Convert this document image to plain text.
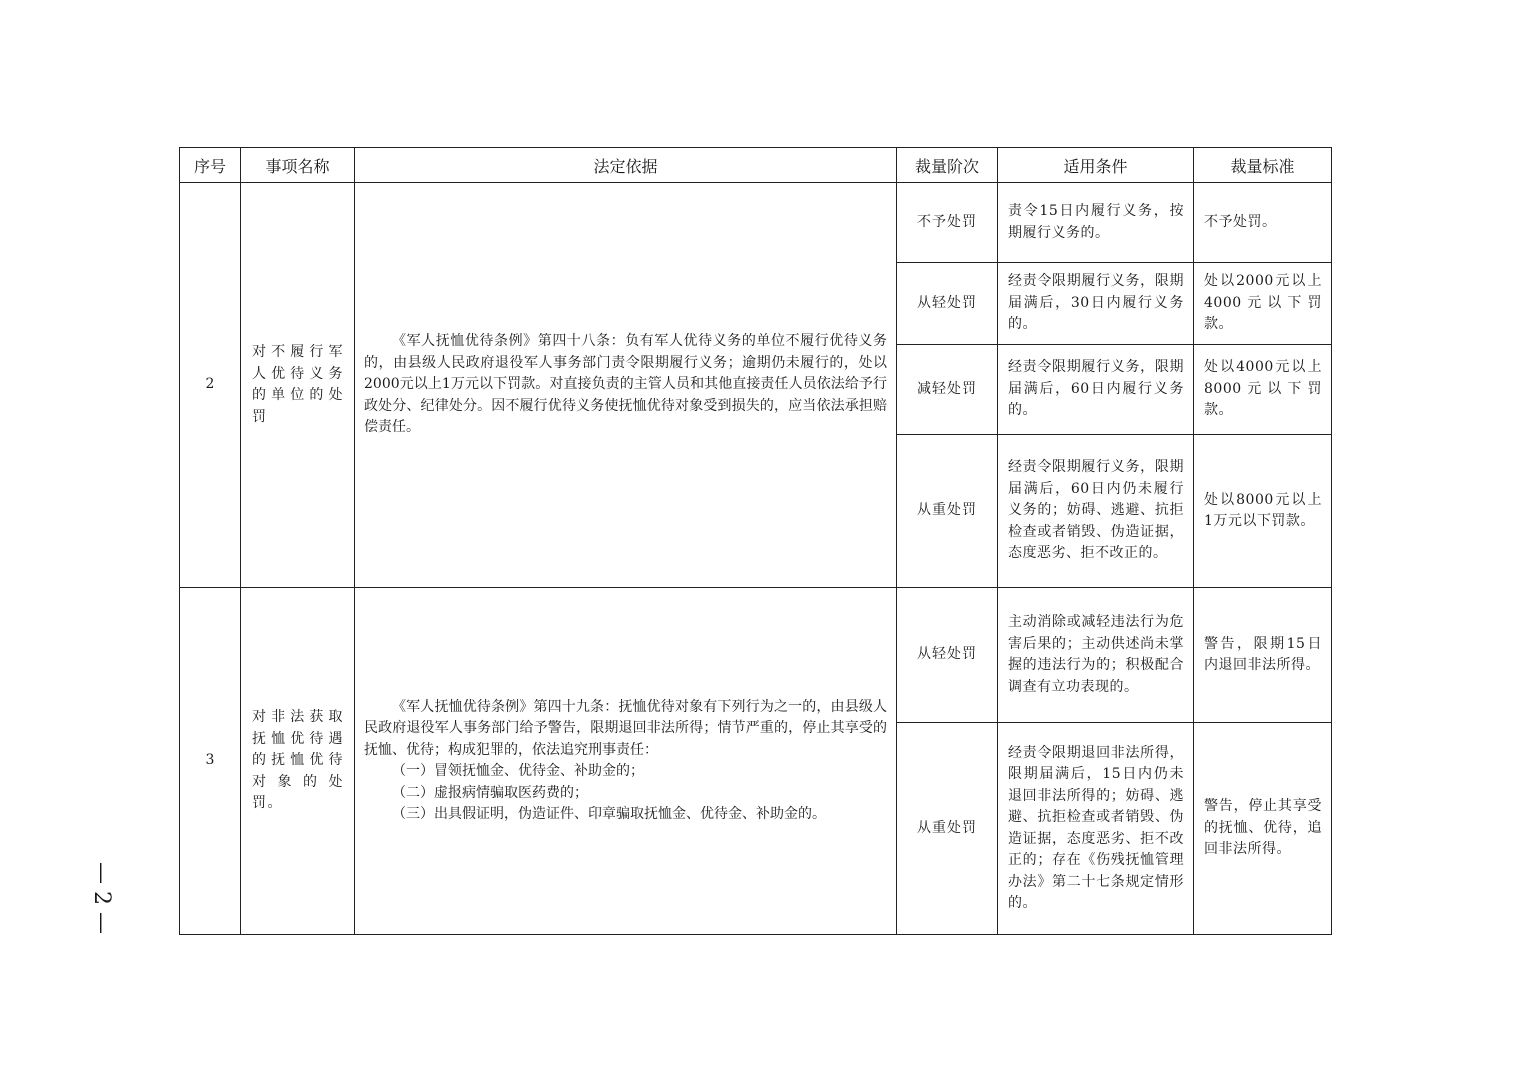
序号	事项名称	法定依据	裁量阶次	适用条件	裁量标准
2	对不履行军人优待义务的单位的处罚	《军人抚恤优待条例》第四十八条：负有军人优待义务的单位不履行优待义务的，由县级人民政府退役军人事务部门责令限期履行义务；逾期仍未履行的，处以2000元以上1万元以下罚款。对直接负责的主管人员和其他直接责任人员依法给予行政处分、纪律处分。因不履行优待义务使抚恤优待对象受到损失的，应当依法承担赔偿责任。	不予处罚	责令15日内履行义务，按期履行义务的。	不予处罚。
			从轻处罚	经责令限期履行义务，限期届满后，30日内履行义务的。	处以2000元以上4000元以下罚款。
			减轻处罚	经责令限期履行义务，限期届满后，60日内履行义务的。	处以4000元以上8000元以下罚款。
			从重处罚	经责令限期履行义务，限期届满后，60日内仍未履行义务的；妨碍、逃避、抗拒检查或者销毁、伪造证据，态度恶劣、拒不改正的。	处以8000元以上1万元以下罚款。
3	对非法获取抚恤优待遇的抚恤优待对象的处罚。	《军人抚恤优待条例》第四十九条：抚恤优待对象有下列行为之一的，由县级人民政府退役军人事务部门给予警告，限期退回非法所得；情节严重的，停止其享受的抚恤、优待；构成犯罪的，依法追究刑事责任：

（一）冒领抚恤金、优待金、补助金的；

（二）虚报病情骗取医药费的；

（三）出具假证明，伪造证件、印章骗取抚恤金、优待金、补助金的。	从轻处罚	主动消除或减轻违法行为危害后果的；主动供述尚未掌握的违法行为的；积极配合调查有立功表现的。	警告，限期15日内退回非法所得。
			从重处罚	经责令限期退回非法所得，限期届满后，15日内仍未退回非法所得的；妨碍、逃避、抗拒检查或者销毁、伪造证据，态度恶劣、拒不改正的；存在《伤残抚恤管理办法》第二十七条规定情形的。	警告，停止其享受的抚恤、优待，追回非法所得。
— 2 —
